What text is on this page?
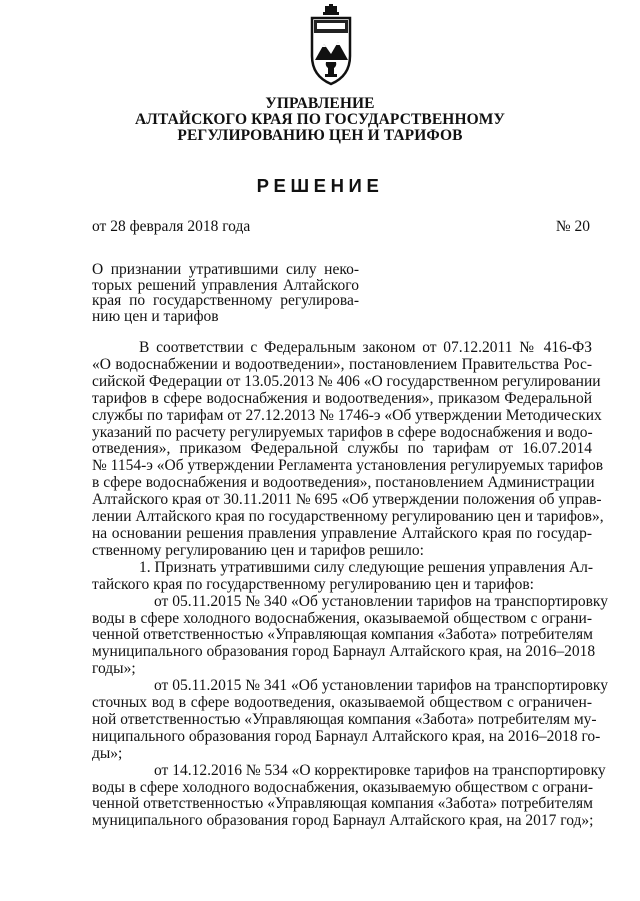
УПРАВЛЕНИЕ
АЛТАЙСКОГО КРАЯ ПО ГОСУДАРСТВЕННОМУ
РЕГУЛИРОВАНИЮ ЦЕН И ТАРИФОВ
РЕШЕНИЕ
от 28 февраля 2018 года	№ 20
О признании утратившими силу неко-
торых решений управления Алтайского
края по государственному регулирова-
нию цен и тарифов
В соответствии с Федеральным законом от 07.12.2011 № 416-ФЗ
«О водоснабжении и водоотведении», постановлением Правительства Рос-
сийской Федерации от 13.05.2013 № 406 «О государственном регулировании
тарифов в сфере водоснабжения и водоотведения», приказом Федеральной
службы по тарифам от 27.12.2013 № 1746-э «Об утверждении Методических
указаний по расчету регулируемых тарифов в сфере водоснабжения и водо-
отведения», приказом Федеральной службы по тарифам от 16.07.2014
№ 1154-э «Об утверждении Регламента установления регулируемых тарифов
в сфере водоснабжения и водоотведения», постановлением Администрации
Алтайского края от 30.11.2011 № 695 «Об утверждении положения об управ-
лении Алтайского края по государственному регулированию цен и тарифов»,
на основании решения правления управление Алтайского края по государ-
ственному регулированию цен и тарифов решило:
1. Признать утратившими силу следующие решения управления Ал-
тайского края по государственному регулированию цен и тарифов:
от 05.11.2015 № 340 «Об установлении тарифов на транспортировку
воды в сфере холодного водоснабжения, оказываемой обществом с ограни-
ченной ответственностью «Управляющая компания «Забота» потребителям
муниципального образования город Барнаул Алтайского края, на 2016–2018
годы»;
от 05.11.2015 № 341 «Об установлении тарифов на транспортировку
сточных вод в сфере водоотведения, оказываемой обществом с ограничен-
ной ответственностью «Управляющая компания «Забота» потребителям му-
ниципального образования город Барнаул Алтайского края, на 2016–2018 го-
ды»;
от 14.12.2016 № 534 «О корректировке тарифов на транспортировку
воды в сфере холодного водоснабжения, оказываемую обществом с ограни-
ченной ответственностью «Управляющая компания «Забота» потребителям
муниципального образования город Барнаул Алтайского края, на 2017 год»;
